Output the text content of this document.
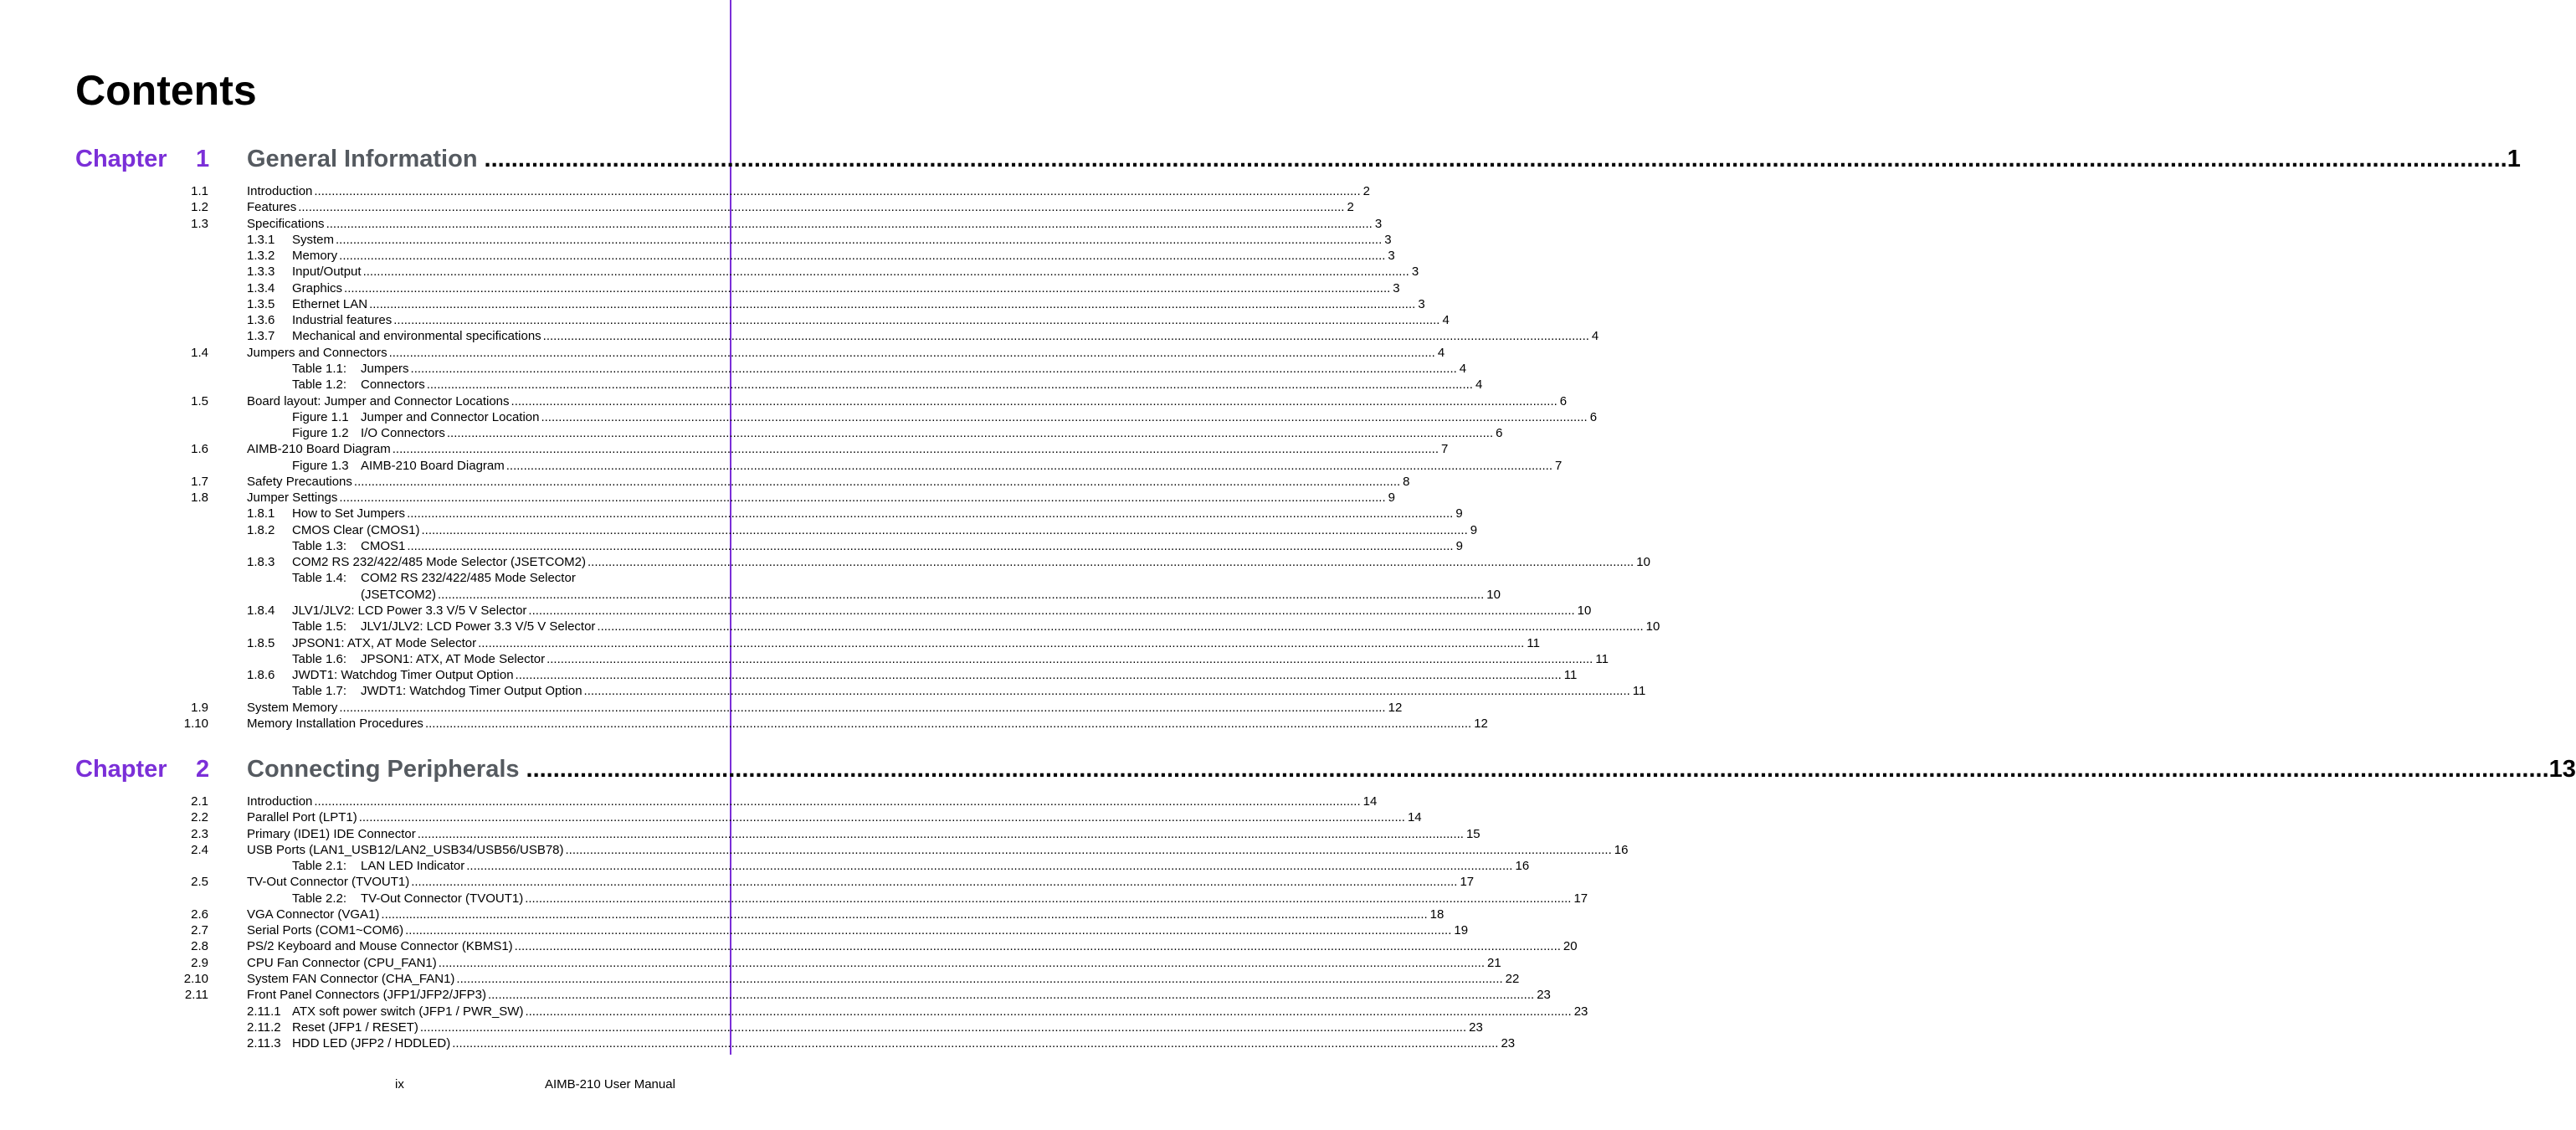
Contents
Chapter 1 General Information ............................................................................................................................................................................................................................................................................................................ 1
1.1	Introduction ............................................................................................................................................................................................................................................................................................................ 2
1.2	Features ............................................................................................................................................................................................................................................................................................................ 2
1.3	Specifications ............................................................................................................................................................................................................................................................................................................ 3
1.3.1 System ............................................................................................................................................................................................................................................................................................................ 3
1.3.2 Memory ............................................................................................................................................................................................................................................................................................................ 3
1.3.3 Input/Output ............................................................................................................................................................................................................................................................................................................ 3
1.3.4 Graphics ............................................................................................................................................................................................................................................................................................................ 3
1.3.5 Ethernet LAN ............................................................................................................................................................................................................................................................................................................ 3
1.3.6 Industrial features ............................................................................................................................................................................................................................................................................................................ 4
1.3.7 Mechanical and environmental specifications ............................................................................................................................................................................................................................................................................................................ 4
1.4	Jumpers and Connectors ............................................................................................................................................................................................................................................................................................................ 4
Table 1.1: Jumpers ............................................................................................................................................................................................................................................................................................................ 4
Table 1.2: Connectors ............................................................................................................................................................................................................................................................................................................ 4
1.5	Board layout: Jumper and Connector Locations ............................................................................................................................................................................................................................................................................................................ 6
Figure 1.1 Jumper and Connector Location ............................................................................................................................................................................................................................................................................................................ 6
Figure 1.2 I/O Connectors ............................................................................................................................................................................................................................................................................................................ 6
1.6	AIMB-210 Board Diagram ............................................................................................................................................................................................................................................................................................................ 7
Figure 1.3 AIMB-210 Board Diagram ............................................................................................................................................................................................................................................................................................................ 7
1.7	Safety Precautions ............................................................................................................................................................................................................................................................................................................ 8
1.8	Jumper Settings ............................................................................................................................................................................................................................................................................................................ 9
1.8.1 How to Set Jumpers ............................................................................................................................................................................................................................................................................................................ 9
1.8.2 CMOS Clear (CMOS1) ............................................................................................................................................................................................................................................................................................................ 9
Table 1.3: CMOS1 ............................................................................................................................................................................................................................................................................................................ 9
1.8.3 COM2 RS 232/422/485 Mode Selector (JSETCOM2) ............................................................................................................................................................................................................................................................................................................ 10
Table 1.4: COM2 RS 232/422/485 Mode Selector
(JSETCOM2) ............................................................................................................................................................................................................................................................................................................ 10
1.8.4 JLV1/JLV2: LCD Power 3.3 V/5 V Selector ............................................................................................................................................................................................................................................................................................................ 10
Table 1.5: JLV1/JLV2: LCD Power 3.3 V/5 V Selector ............................................................................................................................................................................................................................................................................................................ 10
1.8.5 JPSON1: ATX, AT Mode Selector ............................................................................................................................................................................................................................................................................................................ 11
Table 1.6: JPSON1: ATX, AT Mode Selector ............................................................................................................................................................................................................................................................................................................ 11
1.8.6 JWDT1: Watchdog Timer Output Option ............................................................................................................................................................................................................................................................................................................ 11
Table 1.7: JWDT1: Watchdog Timer Output Option ............................................................................................................................................................................................................................................................................................................ 11
1.9	System Memory ............................................................................................................................................................................................................................................................................................................ 12
1.10	Memory Installation Procedures ............................................................................................................................................................................................................................................................................................................ 12
Chapter 2 Connecting Peripherals ............................................................................................................................................................................................................................................................................................................ 13
2.1	Introduction ............................................................................................................................................................................................................................................................................................................ 14
2.2	Parallel Port (LPT1) ............................................................................................................................................................................................................................................................................................................ 14
2.3	Primary (IDE1) IDE Connector ............................................................................................................................................................................................................................................................................................................ 15
2.4	USB Ports (LAN1_USB12/LAN2_USB34/USB56/USB78) ............................................................................................................................................................................................................................................................................................................ 16
Table 2.1: LAN LED Indicator ............................................................................................................................................................................................................................................................................................................ 16
2.5	TV-Out Connector (TVOUT1) ............................................................................................................................................................................................................................................................................................................ 17
Table 2.2: TV-Out Connector (TVOUT1) ............................................................................................................................................................................................................................................................................................................ 17
2.6	VGA Connector (VGA1) ............................................................................................................................................................................................................................................................................................................ 18
2.7	Serial Ports (COM1~COM6) ............................................................................................................................................................................................................................................................................................................ 19
2.8	PS/2 Keyboard and Mouse Connector (KBMS1) ............................................................................................................................................................................................................................................................................................................ 20
2.9	CPU Fan Connector (CPU_FAN1) ............................................................................................................................................................................................................................................................................................................ 21
2.10	System FAN Connector (CHA_FAN1) ............................................................................................................................................................................................................................................................................................................ 22
2.11	Front Panel Connectors (JFP1/JFP2/JFP3) ............................................................................................................................................................................................................................................................................................................ 23
2.11.1 ATX soft power switch (JFP1 / PWR_SW) ............................................................................................................................................................................................................................................................................................................ 23
2.11.2 Reset (JFP1 / RESET) ............................................................................................................................................................................................................................................................................................................ 23
2.11.3 HDD LED (JFP2 / HDDLED) ............................................................................................................................................................................................................................................................................................................ 23
ix	AIMB-210 User Manual
